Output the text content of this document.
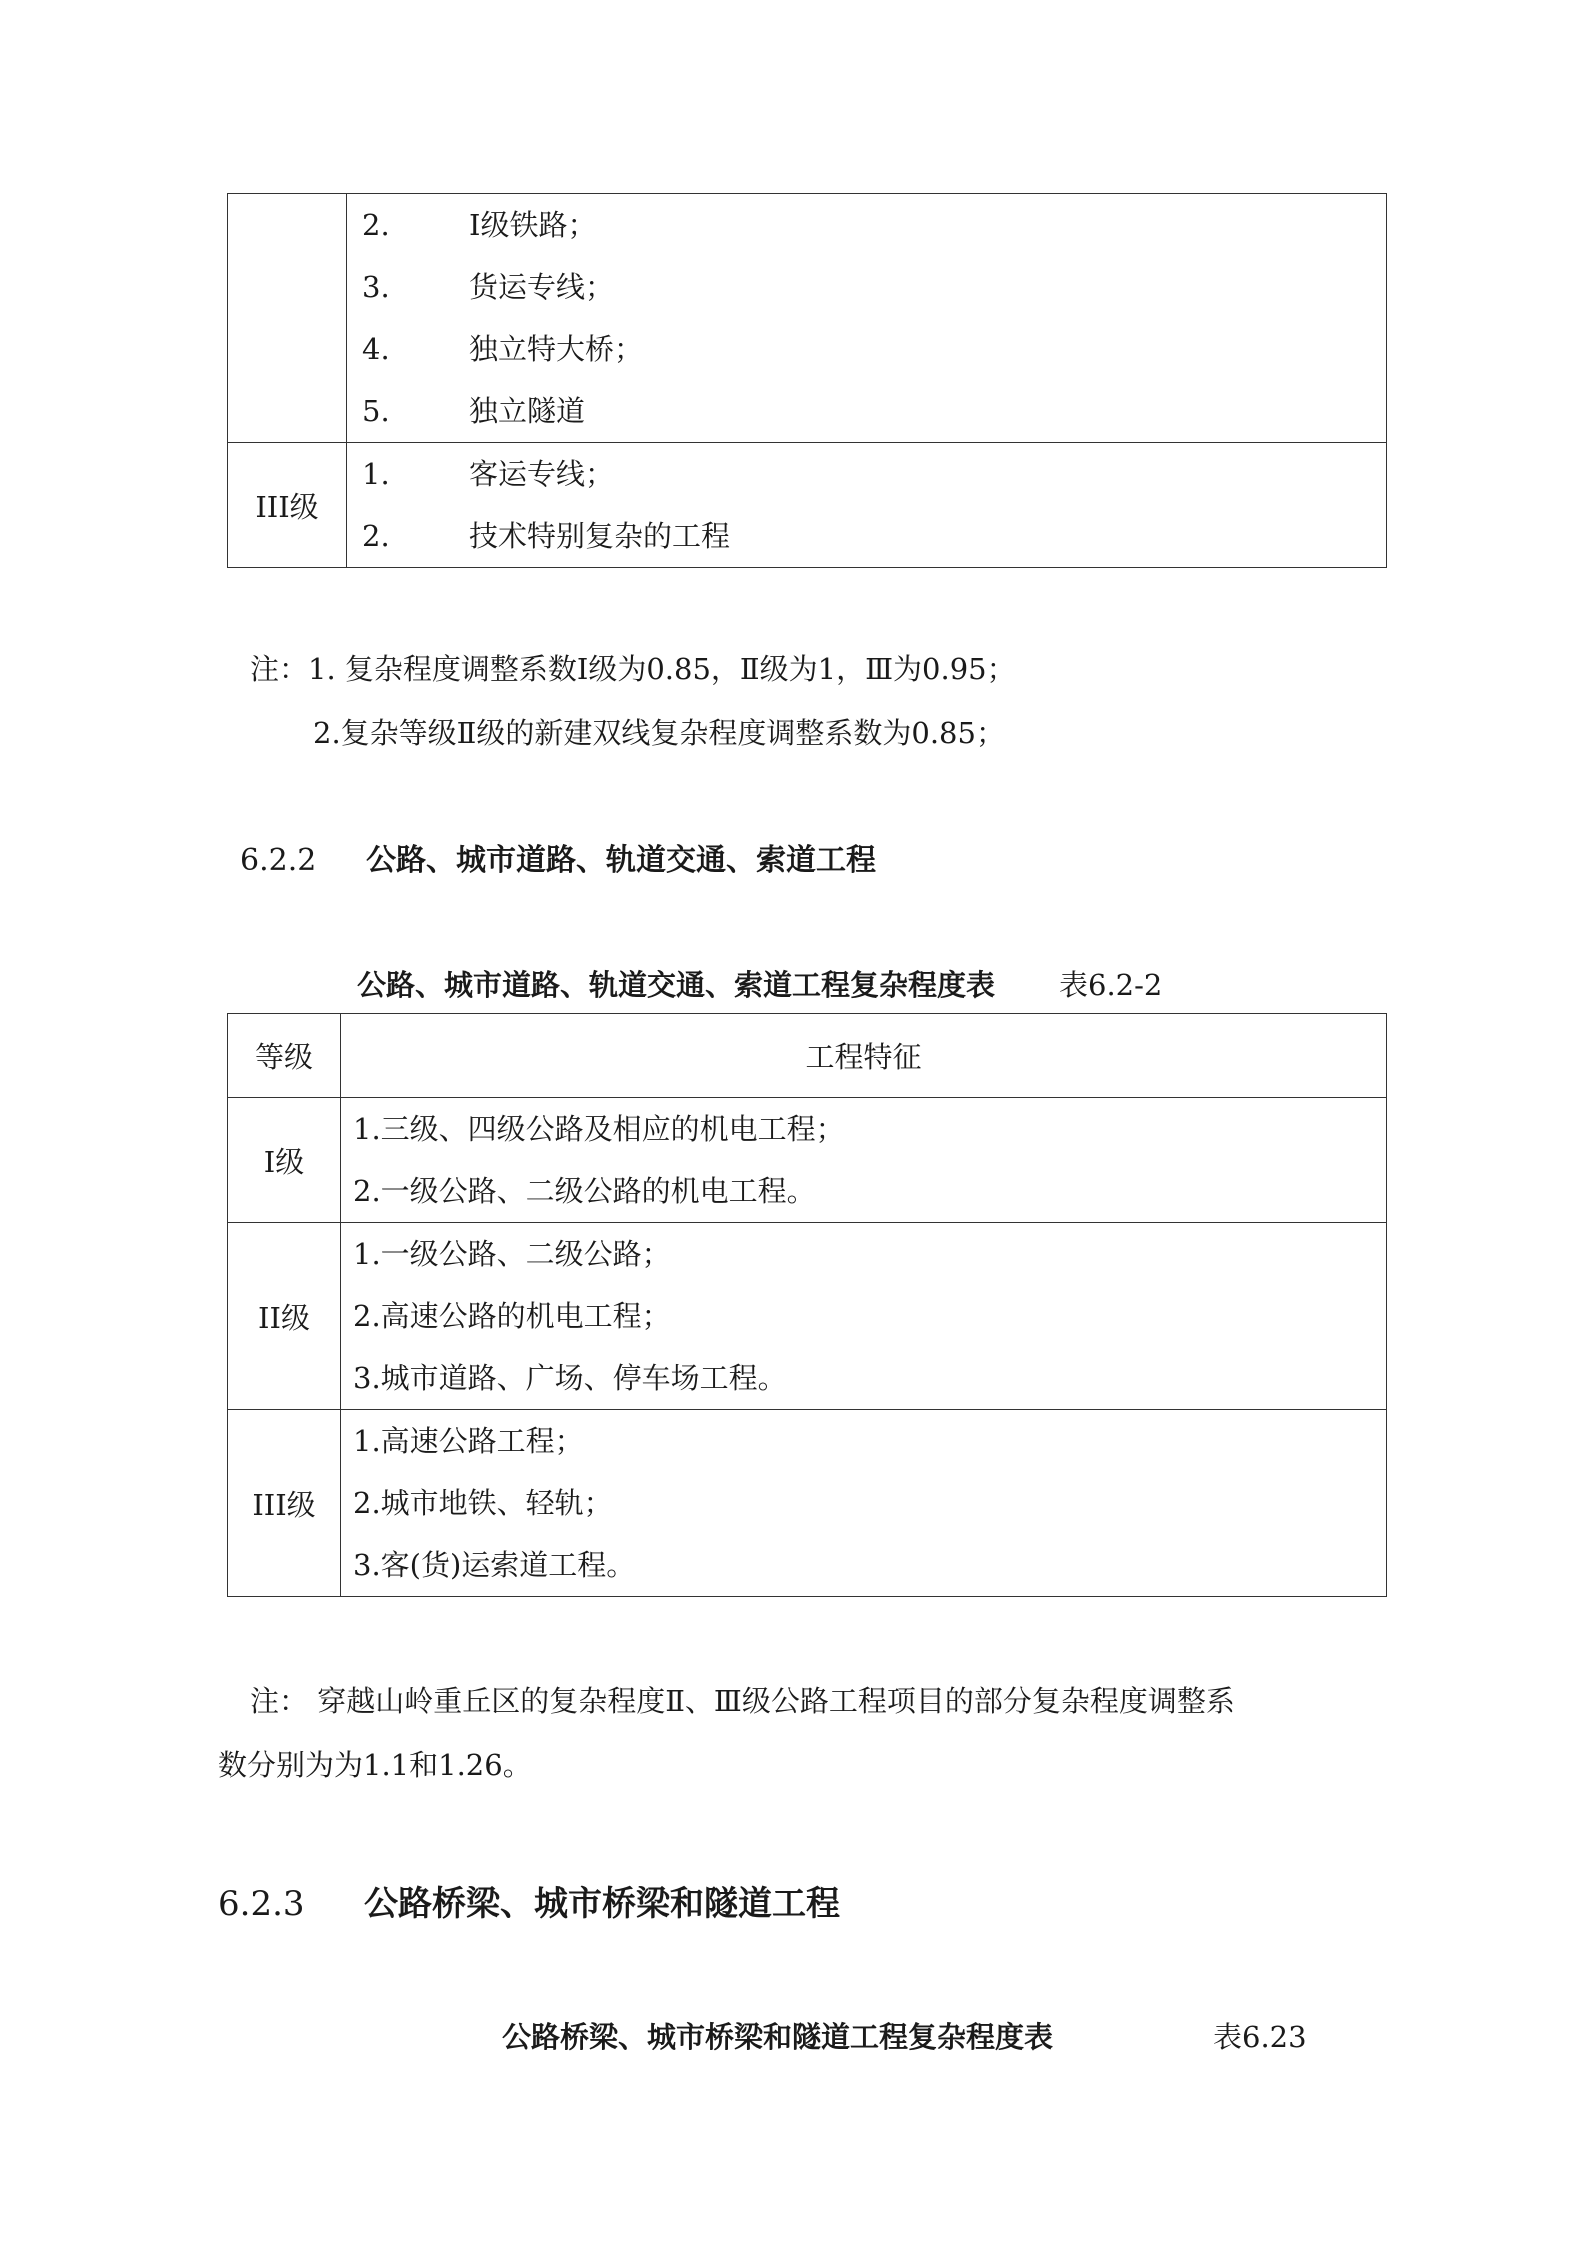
	2. Ⅰ级铁路；
3. 货运专线；
4. 独立特大桥；
5. 独立隧道

III级	1. 客运专线；
2. 技术特别复杂的工程
注：1. 复杂程度调整系数Ⅰ级为0.85，Ⅱ级为1，Ⅲ为0.95；
2.复杂等级Ⅱ级的新建双线复杂程度调整系数为0.85；
6.2.2 公路、城市道路、轨道交通、索道工程
公路、城市道路、轨道交通、索道工程复杂程度表 表6.2-2
等级	工程特征
Ⅰ级	1.三级、四级公路及相应的机电工程；
2.一级公路、二级公路的机电工程。

II级	1.一级公路、二级公路；
2.高速公路的机电工程；
3.城市道路、广场、停车场工程。

III级	1.高速公路工程；
2.城市地铁、轻轨；
3.客(货)运索道工程。
注： 穿越山岭重丘区的复杂程度Ⅱ、Ⅲ级公路工程项目的部分复杂程度调整系
数分别为为1.1和1.26。
6.2.3 公路桥梁、城市桥梁和隧道工程
公路桥梁、城市桥梁和隧道工程复杂程度表	表6.23
